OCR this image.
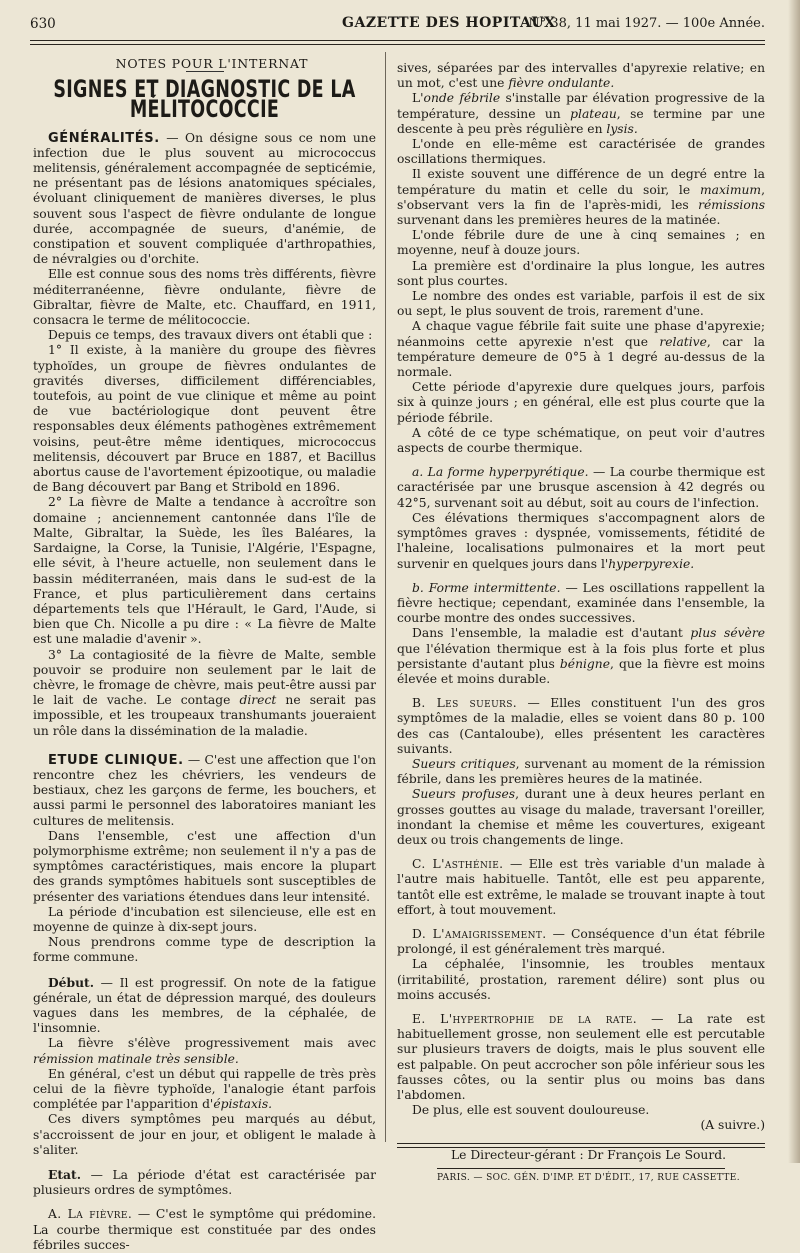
630	GAZETTE DES HOPITAUX
N° 38, 11 mai 1927. — 100e Année.

NOTES POUR L'INTERNAT

SIGNES ET DIAGNOSTIC DE LA MÉLITOCOCCIE

GÉNÉRALITÉS. — On désigne sous ce nom une infection due le plus souvent au micrococcus melitensis, généralement accompagnée de septicémie, ne présentant pas de lésions anatomiques spéciales, évoluant cliniquement de manières diverses, le plus souvent sous l'aspect de fièvre ondulante de longue durée, accompagnée de sueurs, d'anémie, de constipation et souvent compliquée d'arthropathies, de névralgies ou d'orchite.

Elle est connue sous des noms très différents, fièvre méditerranéenne, fièvre ondulante, fièvre de Gibraltar, fièvre de Malte, etc. Chauffard, en 1911, consacra le terme de mélitococcie.

Depuis ce temps, des travaux divers ont établi que :

1° Il existe, à la manière du groupe des fièvres typhoïdes, un groupe de fièvres ondulantes de gravités diverses, difficilement différenciables, toutefois, au point de vue clinique et même au point de vue bactériologique dont peuvent être responsables deux éléments pathogènes extrêmement voisins, peut-être même identiques, micrococcus melitensis, découvert par Bruce en 1887, et Bacillus abortus cause de l'avortement épizootique, ou maladie de Bang découvert par Bang et Stribold en 1896.

2° La fièvre de Malte a tendance à accroître son domaine ; anciennement cantonnée dans l'île de Malte, Gibraltar, la Suède, les îles Baléares, la Sardaigne, la Corse, la Tunisie, l'Algérie, l'Espagne, elle sévit, à l'heure actuelle, non seulement dans le bassin méditerranéen, mais dans le sud-est de la France, et plus particulièrement dans certains départements tels que l'Hérault, le Gard, l'Aude, si bien que Ch. Nicolle a pu dire : « La fièvre de Malte est une maladie d'avenir ».

3° La contagiosité de la fièvre de Malte, semble pouvoir se produire non seulement par le lait de chèvre, le fromage de chèvre, mais peut-être aussi par le lait de vache. Le contage direct ne serait pas impossible, et les troupeaux transhumants joueraient un rôle dans la dissémination de la maladie.

ETUDE CLINIQUE. — C'est une affection que l'on rencontre chez les chévriers, les vendeurs de bestiaux, chez les garçons de ferme, les bouchers, et aussi parmi le personnel des laboratoires maniant les cultures de melitensis.

Dans l'ensemble, c'est une affection d'un polymorphisme extrême; non seulement il n'y a pas de symptômes caractéristiques, mais encore la plupart des grands symptômes habituels sont susceptibles de présenter des variations étendues dans leur intensité.

La période d'incubation est silencieuse, elle est en moyenne de quinze à dix-sept jours.

Nous prendrons comme type de description la forme commune.

Début. — Il est progressif. On note de la fatigue générale, un état de dépression marqué, des douleurs vagues dans les membres, de la céphalée, de l'insomnie.

La fièvre s'élève progressivement mais avec rémission matinale très sensible.

En général, c'est un début qui rappelle de très près celui de la fièvre typhoïde, l'analogie étant parfois complétée par l'apparition d'épistaxis.

Ces divers symptômes peu marqués au début, s'accroissent de jour en jour, et obligent le malade à s'aliter.

Etat. — La période d'état est caractérisée par plusieurs ordres de symptômes.

A. La fièvre. — C'est le symptôme qui prédomine. La courbe thermique est constituée par des ondes fébriles succes-

sives, séparées par des intervalles d'apyrexie relative; en un mot, c'est une fièvre ondulante.

L'onde fébrile s'installe par élévation progressive de la température, dessine un plateau, se termine par une descente à peu près régulière en lysis.

L'onde en elle-même est caractérisée de grandes oscillations thermiques.

Il existe souvent une différence de un degré entre la température du matin et celle du soir, le maximum, s'observant vers la fin de l'après-midi, les rémissions survenant dans les premières heures de la matinée.

L'onde fébrile dure de une à cinq semaines ; en moyenne, neuf à douze jours.

La première est d'ordinaire la plus longue, les autres sont plus courtes.

Le nombre des ondes est variable, parfois il est de six ou sept, le plus souvent de trois, rarement d'une.

A chaque vague fébrile fait suite une phase d'apyrexie; néanmoins cette apyrexie n'est que relative, car la température demeure de 0°5 à 1 degré au-dessus de la normale.

Cette période d'apyrexie dure quelques jours, parfois six à quinze jours ; en général, elle est plus courte que la période fébrile.

A côté de ce type schématique, on peut voir d'autres aspects de courbe thermique.

a. La forme hyperpyrétique. — La courbe thermique est caractérisée par une brusque ascension à 42 degrés ou 42°5, survenant soit au début, soit au cours de l'infection.

Ces élévations thermiques s'accompagnent alors de symptômes graves : dyspnée, vomissements, fétidité de l'haleine, localisations pulmonaires et la mort peut survenir en quelques jours dans l'hyperpyrexie.

b. Forme intermittente. — Les oscillations rappellent la fièvre hectique; cependant, examinée dans l'ensemble, la courbe montre des ondes successives.

Dans l'ensemble, la maladie est d'autant plus sévère que l'élévation thermique est à la fois plus forte et plus persistante d'autant plus bénigne, que la fièvre est moins élevée et moins durable.

B. Les sueurs. — Elles constituent l'un des gros symptômes de la maladie, elles se voient dans 80 p. 100 des cas (Cantaloube), elles présentent les caractères suivants.

Sueurs critiques, survenant au moment de la rémission fébrile, dans les premières heures de la matinée.

Sueurs profuses, durant une à deux heures perlant en grosses gouttes au visage du malade, traversant l'oreiller, inondant la chemise et même les couvertures, exigeant deux ou trois changements de linge.

C. L'asthénie. — Elle est très variable d'un malade à l'autre mais habituelle. Tantôt, elle est peu apparente, tantôt elle est extrême, le malade se trouvant inapte à tout effort, à tout mouvement.

D. L'amaigrissement. — Conséquence d'un état fébrile prolongé, il est généralement très marqué.

La céphalée, l'insomnie, les troubles mentaux (irritabilité, prostation, rarement délire) sont plus ou moins accusés.

E. L'hypertrophie de la rate. — La rate est habituellement grosse, non seulement elle est percutable sur plusieurs travers de doigts, mais le plus souvent elle est palpable. On peut accrocher son pôle inférieur sous les fausses côtes, ou la sentir plus ou moins bas dans l'abdomen.

De plus, elle est souvent douloureuse.

(A suivre.)

Le Directeur-gérant : Dr François Le Sourd.

PARIS. — SOC. GÉN. D'IMP. ET D'ÉDIT., 17, RUE CASSETTE.
